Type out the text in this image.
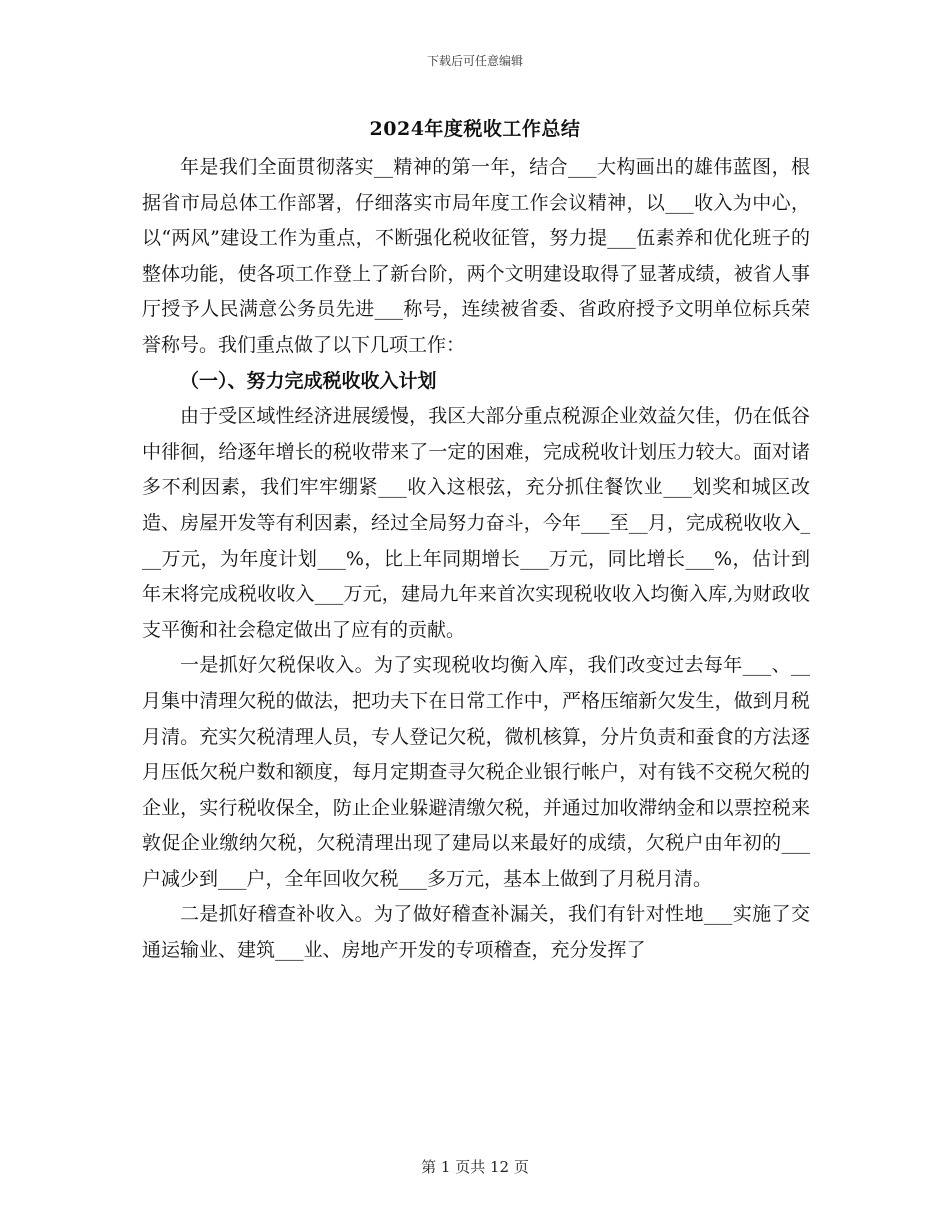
下载后可任意编辑
2024年度税收工作总结

年是我们全面贯彻落实__精神的第一年，结合___大构画出的雄伟蓝图，根据省市局总体工作部署，仔细落实市局年度工作会议精神，以___收入为中心，以“两风”建设工作为重点，不断强化税收征管，努力提___伍素养和优化班子的整体功能，使各项工作登上了新台阶，两个文明建设取得了显著成绩，被省人事厅授予人民满意公务员先进___称号，连续被省委、省政府授予文明单位标兵荣誉称号。我们重点做了以下几项工作：

（一）、努力完成税收收入计划

由于受区域性经济进展缓慢，我区大部分重点税源企业效益欠佳，仍在低谷中徘徊，给逐年增长的税收带来了一定的困难，完成税收计划压力较大。面对诸多不利因素，我们牢牢绷紧___收入这根弦，充分抓住餐饮业___划奖和城区改造、房屋开发等有利因素，经过全局努力奋斗，今年___至__月，完成税收收入___万元，为年度计划___%，比上年同期增长___万元，同比增长___%，估计到年末将完成税收收入___万元，建局九年来首次实现税收收入均衡入库,为财政收支平衡和社会稳定做出了应有的贡献。

一是抓好欠税保收入。为了实现税收均衡入库，我们改变过去每年___、__月集中清理欠税的做法，把功夫下在日常工作中，严格压缩新欠发生，做到月税月清。充实欠税清理人员，专人登记欠税，微机核算，分片负责和蚕食的方法逐月压低欠税户数和额度，每月定期查寻欠税企业银行帐户，对有钱不交税欠税的企业，实行税收保全，防止企业躲避清缴欠税，并通过加收滞纳金和以票控税来敦促企业缴纳欠税，欠税清理出现了建局以来最好的成绩，欠税户由年初的___户减少到___户，全年回收欠税___多万元，基本上做到了月税月清。

二是抓好稽查补收入。为了做好稽查补漏关，我们有针对性地___实施了交通运输业、建筑___业、房地产开发的专项稽查，充分发挥了

第 1 页共 12 页
